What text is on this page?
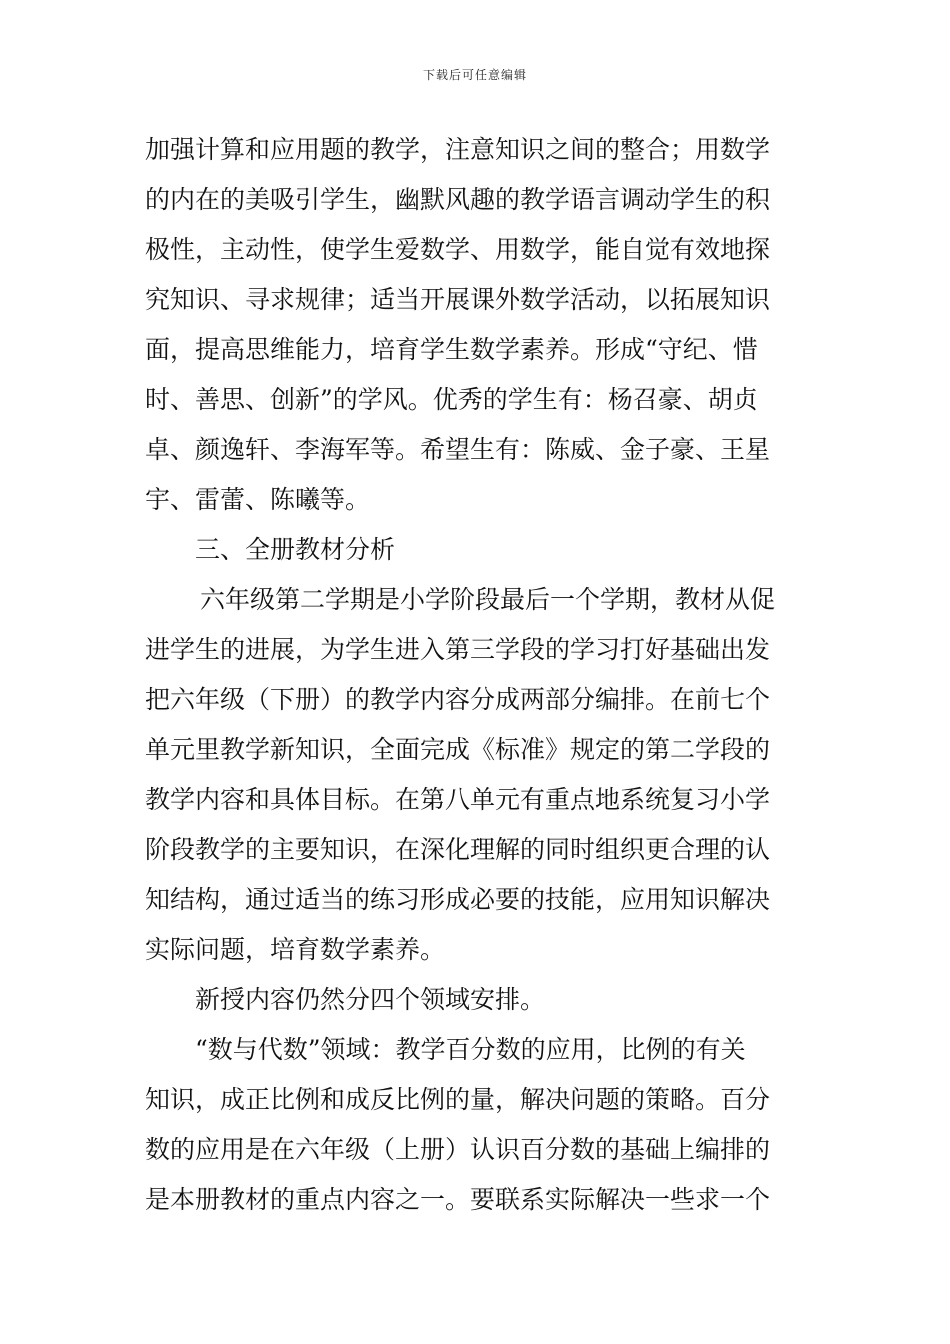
下载后可任意编辑
加强计算和应用题的教学，注意知识之间的整合；用数学
的内在的美吸引学生，幽默风趣的教学语言调动学生的积
极性，主动性，使学生爱数学、用数学，能自觉有效地探
究知识、寻求规律；适当开展课外数学活动，以拓展知识
面，提高思维能力，培育学生数学素养。形成“守纪、惜
时、善思、创新”的学风。优秀的学生有：杨召豪、胡贞
卓、颜逸轩、李海军等。希望生有：陈威、金子豪、王星
宇、雷蕾、陈曦等。
三、全册教材分析
六年级第二学期是小学阶段最后一个学期，教材从促
进学生的进展，为学生进入第三学段的学习打好基础出发
把六年级（下册）的教学内容分成两部分编排。在前七个
单元里教学新知识，全面完成《标准》规定的第二学段的
教学内容和具体目标。在第八单元有重点地系统复习小学
阶段教学的主要知识，在深化理解的同时组织更合理的认
知结构，通过适当的练习形成必要的技能，应用知识解决
实际问题，培育数学素养。
新授内容仍然分四个领域安排。
“数与代数”领域：教学百分数的应用，比例的有关
知识，成正比例和成反比例的量，解决问题的策略。百分
数的应用是在六年级（上册）认识百分数的基础上编排的
是本册教材的重点内容之一。要联系实际解决一些求一个
